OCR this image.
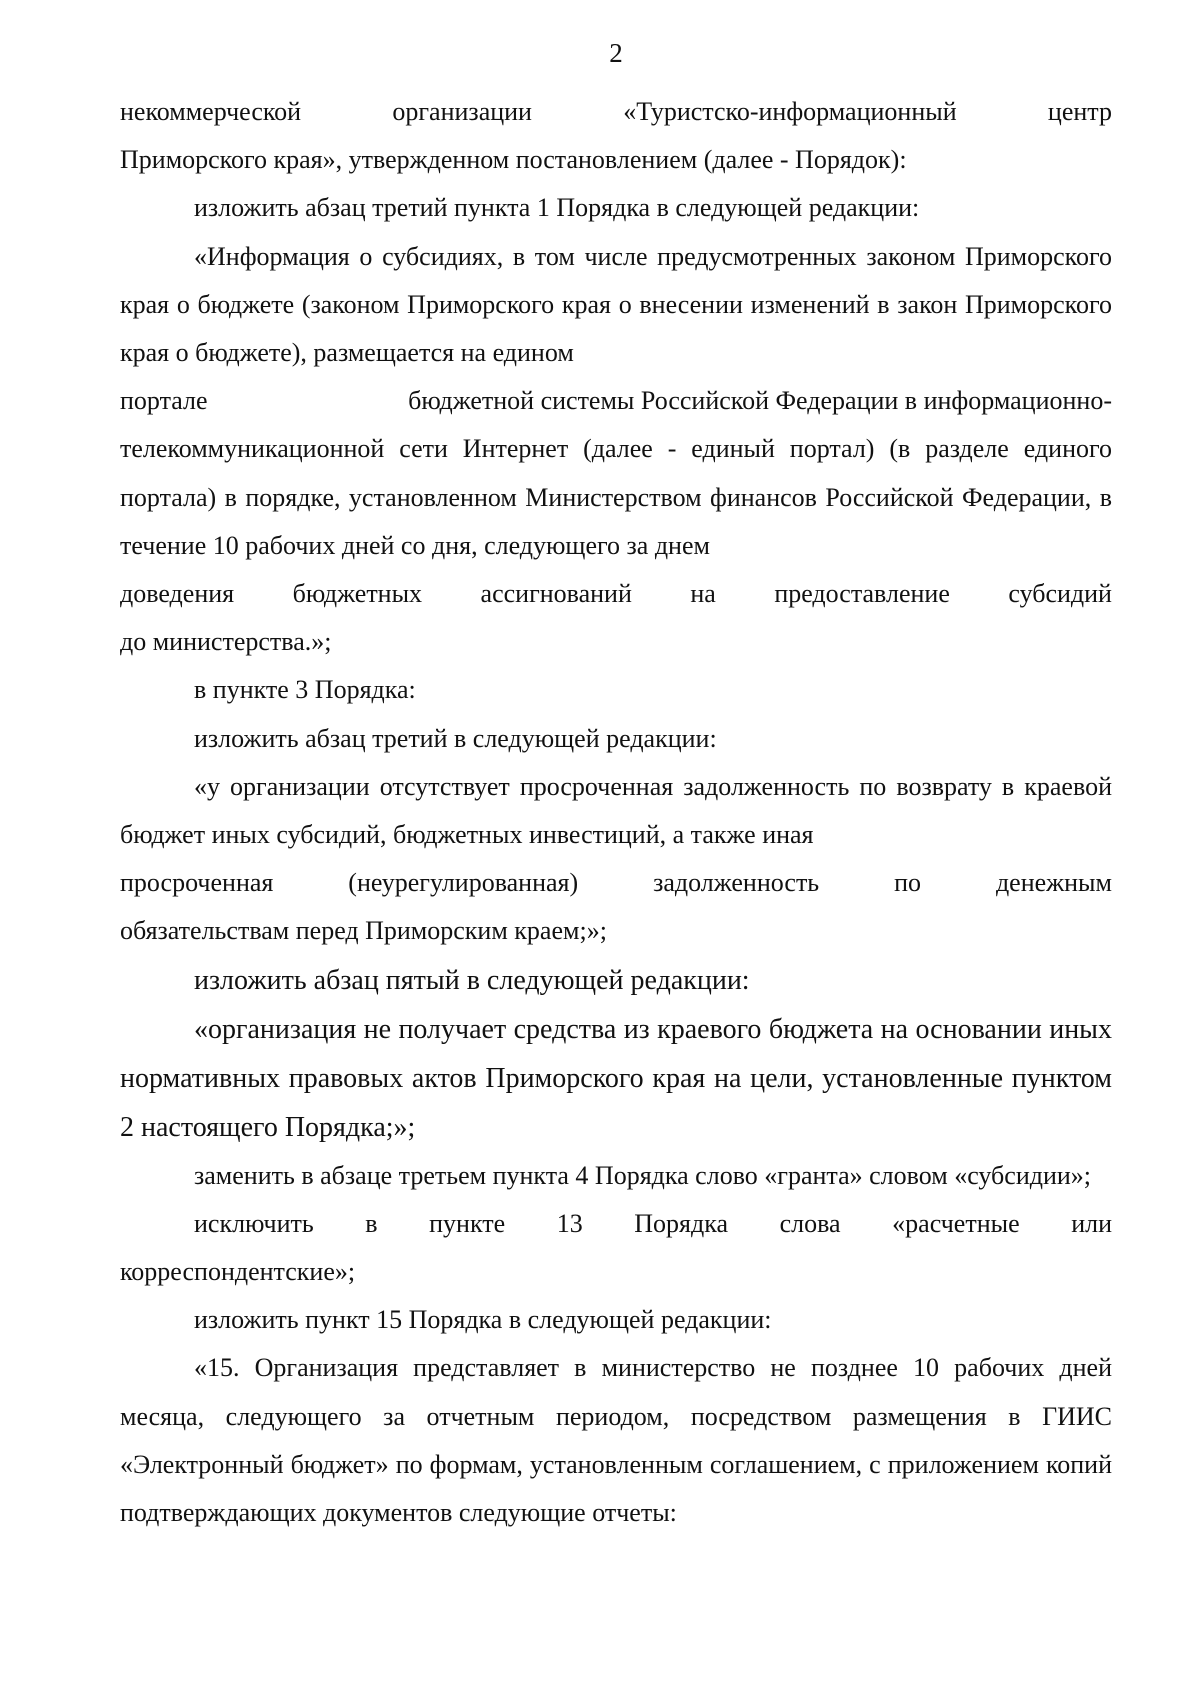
2
некоммерческой	организации	«Туристско-информационный	центр

Приморского края», утвержденном постановлением (далее - Порядок):

изложить абзац третий пункта 1 Порядка в следующей редакции:

«Информация о субсидиях, в том числе предусмотренных законом Приморского края о бюджете (законом Приморского края о внесении изменений в закон Приморского края о бюджете), размещается на едином

портале	бюджетной системы Российской Федерации в информационно-

телекоммуникационной сети Интернет (далее - единый портал) (в разделе единого портала) в порядке, установленном Министерством финансов Российской Федерации, в течение 10 рабочих дней со дня, следующего за днем

доведения бюджетных ассигнований на предоставление субсидий

до министерства.»;

в пункте 3 Порядка:

изложить абзац третий в следующей редакции:

«у организации отсутствует просроченная задолженность по возврату в краевой бюджет иных субсидий, бюджетных инвестиций, а также иная

просроченная	(неурегулированная)	задолженность	по	денежным

обязательствам перед Приморским краем;»;

изложить абзац пятый в следующей редакции:

«организация не получает средства из краевого бюджета на основании иных нормативных правовых актов Приморского края на цели, установленные пунктом 2 настоящего Порядка;»;

заменить в абзаце третьем пункта 4 Порядка слово «гранта» словом «субсидии»;

исключить в пункте 13 Порядка слова «расчетные или

корреспондентские»;

изложить пункт 15 Порядка в следующей редакции:

«15. Организация представляет в министерство не позднее 10 рабочих дней месяца, следующего за отчетным периодом, посредством размещения в ГИИС «Электронный бюджет» по формам, установленным соглашением, с приложением копий подтверждающих документов следующие отчеты:
